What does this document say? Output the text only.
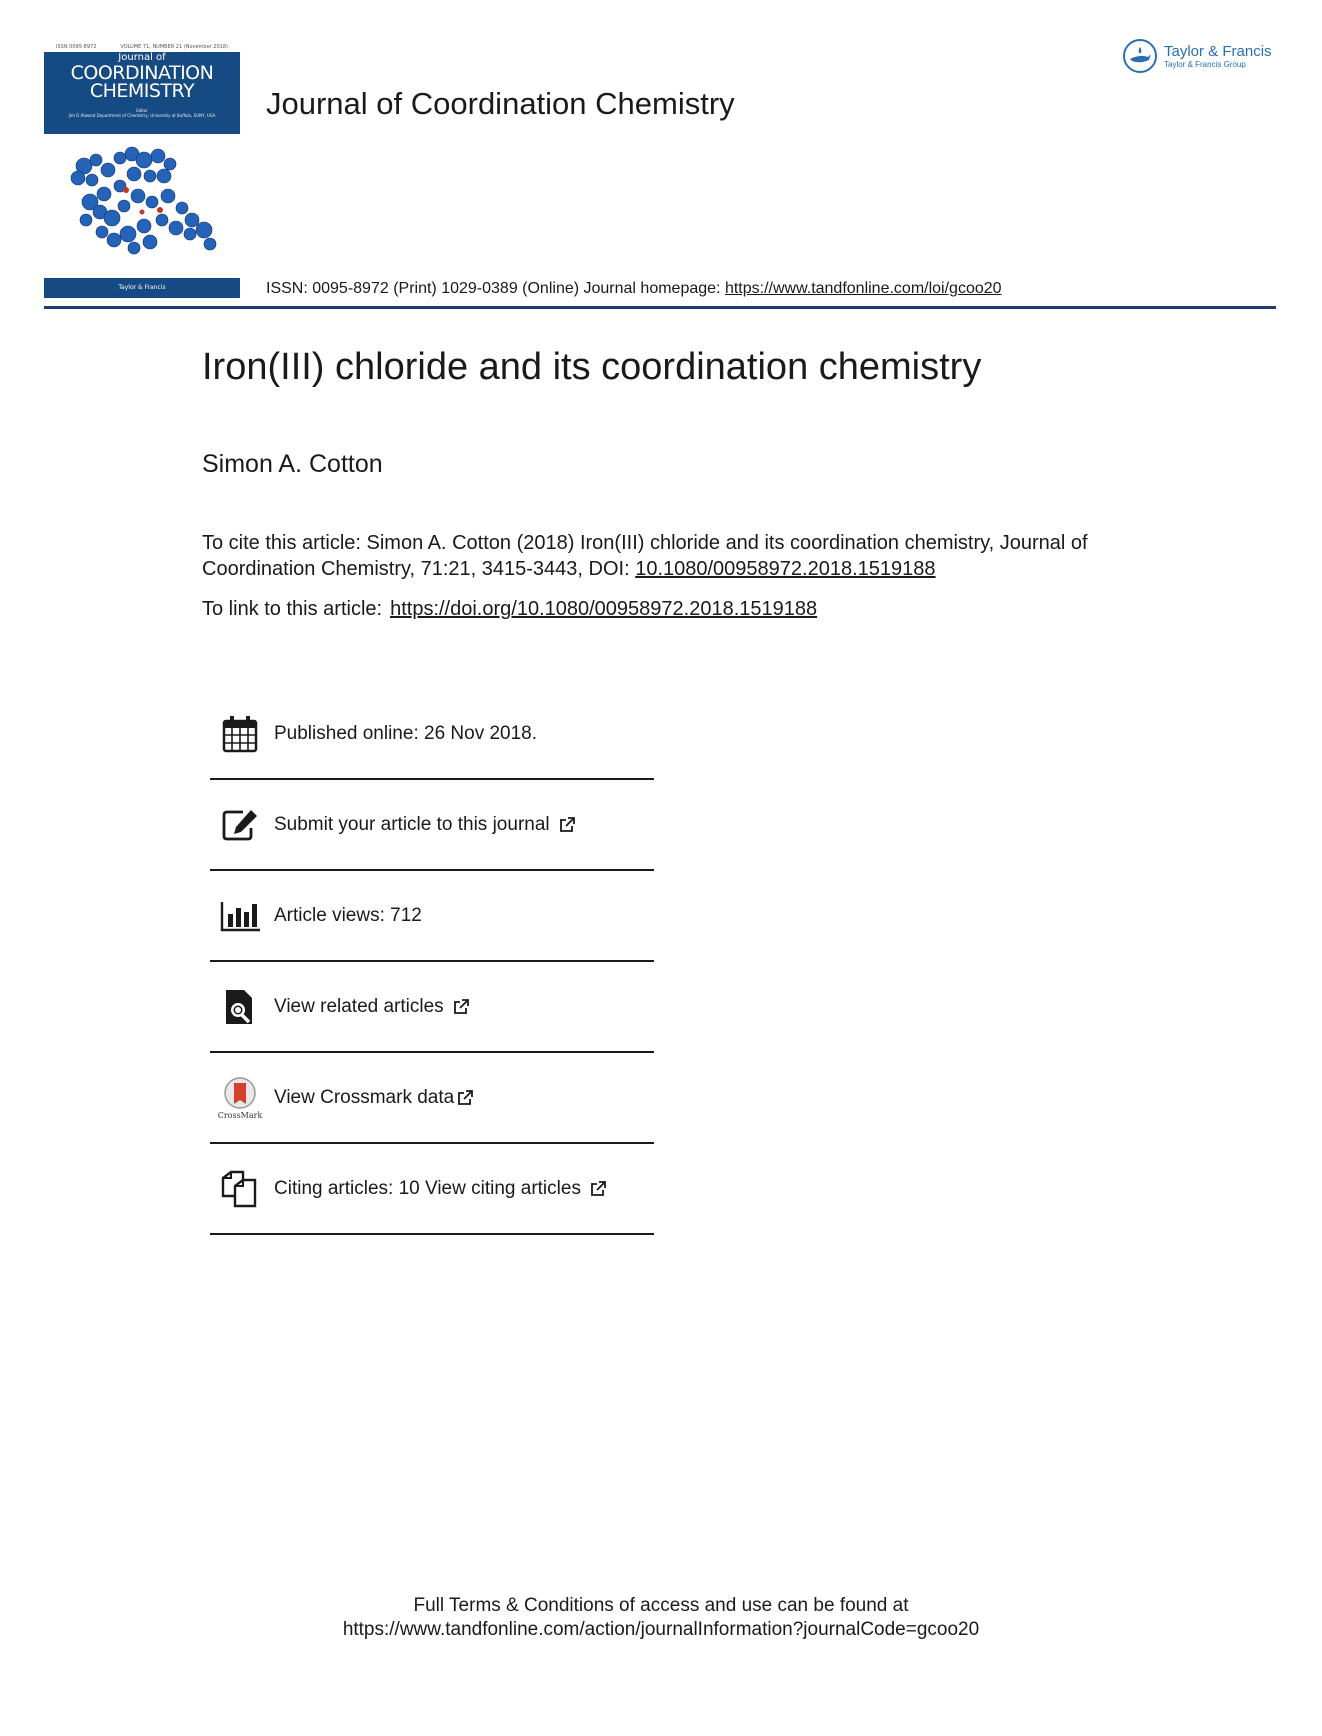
ISSN 0095-8972	VOLUME 71, NUMBER 21 (November 2018)
Journal of
COORDINATION
CHEMISTRY
Editor
Jim D Atwood Department of Chemistry, University at Buffalo, SUNY, USA
Taylor & Francis
Journal of Coordination Chemistry
Taylor & Francis
Taylor & Francis Group
ISSN: 0095-8972 (Print) 1029-0389 (Online) Journal homepage: https://www.tandfonline.com/loi/gcoo20
Iron(III) chloride and its coordination chemistry
Simon A. Cotton
To cite this article: Simon A. Cotton (2018) Iron(III) chloride and its coordination chemistry, Journal of Coordination Chemistry, 71:21, 3415-3443, DOI: 10.1080/00958972.2018.1519188
To link to this article: https://doi.org/10.1080/00958972.2018.1519188
Published online: 26 Nov 2018.
Submit your article to this journal
Article views: 712
View related articles
CrossMark
View Crossmark data
Citing articles: 10 View citing articles
Full Terms & Conditions of access and use can be found at
https://www.tandfonline.com/action/journalInformation?journalCode=gcoo20
